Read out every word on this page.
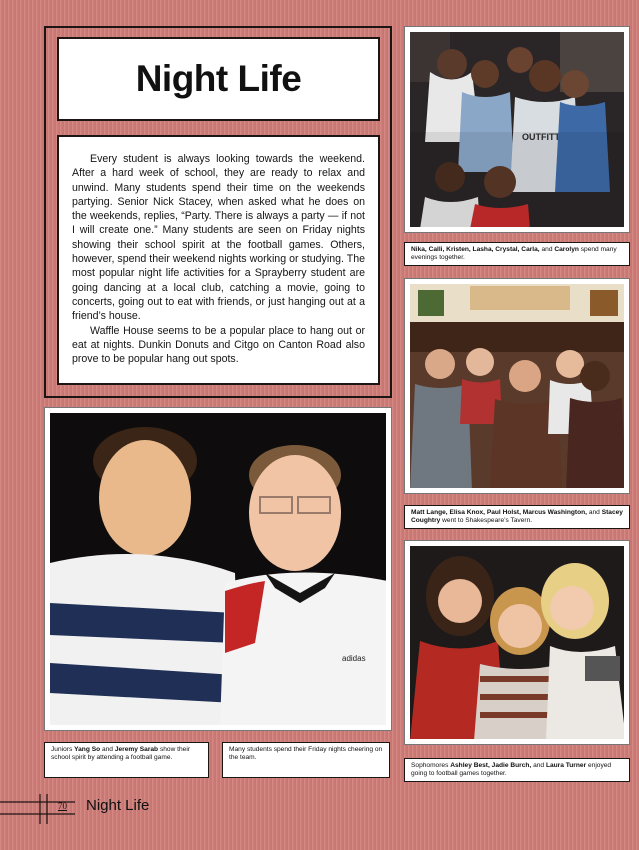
Night Life

Every student is always looking towards the weekend. After a hard week of school, they are ready to relax and unwind. Many students spend their time on the weekends partying. Senior Nick Stacey, when asked what he does on the weekends, replies, “Party. There is always a party — if not I will create one.” Many students are seen on Friday nights showing their school spirit at the football games. Others, however, spend their weekend nights working or studying. The most popular night life activities for a Sprayberry student are going dancing at a local club, catching a movie, going to concerts, going out to eat with friends, or just hanging out at a friend’s house.

Waffle House seems to be a popular place to hang out or eat at nights. Dunkin Donuts and Citgo on Canton Road also prove to be popular hang out spots.

Nika, Calli, Kristen, Lasha, Crystal, Carla, and Carolyn spend many evenings together.
Matt Lange, Elisa Knox, Paul Holst, Marcus Washington, and Stacey Coughtry went to Shakespeare’s Tavern.
Sophomores Ashley Best, Jadie Burch, and Laura Turner enjoyed going to football games together.
adidas
Juniors Yang So and Jeremy Sarab show their school spirit by attending a football game.
Many students spend their Friday nights cheering on the team.
70 Night Life
